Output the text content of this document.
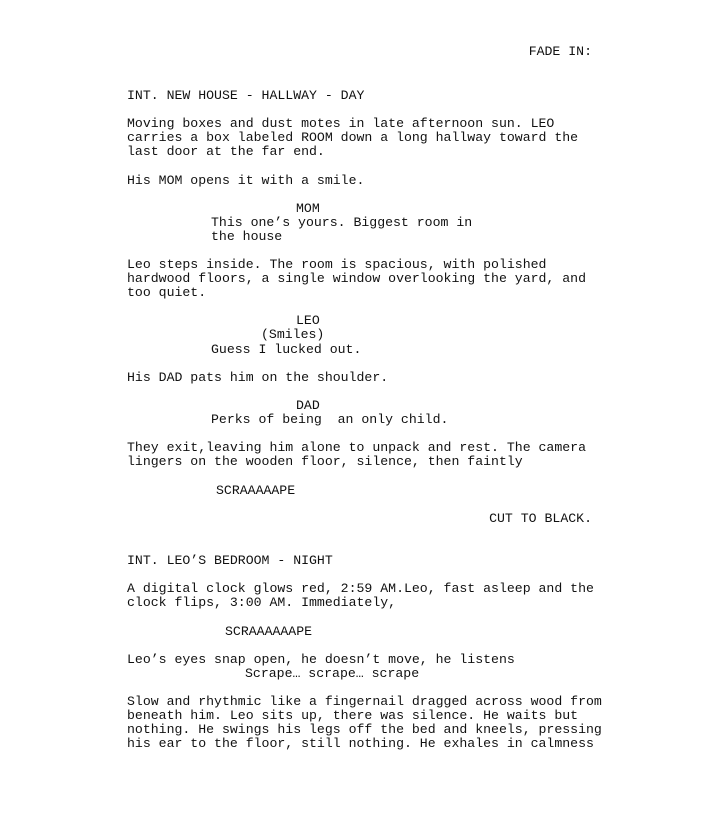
FADE IN:
INT. NEW HOUSE - HALLWAY - DAY
Moving boxes and dust motes in late afternoon sun. LEO
carries a box labeled ROOM down a long hallway toward the
last door at the far end.
His MOM opens it with a smile.
MOM
This one’s yours. Biggest room in
the house
Leo steps inside. The room is spacious, with polished
hardwood floors, a single window overlooking the yard, and
too quiet.
LEO
(Smiles)
Guess I lucked out.
His DAD pats him on the shoulder.
DAD
Perks of being  an only child.
They exit,leaving him alone to unpack and rest. The camera
lingers on the wooden floor, silence, then faintly
SCRAAAAAPE
CUT TO BLACK.
INT. LEO’S BEDROOM - NIGHT
A digital clock glows red, 2:59 AM.Leo, fast asleep and the
clock flips, 3:00 AM. Immediately,
SCRAAAAAAPE
Leo’s eyes snap open, he doesn’t move, he listens
Scrape… scrape… scrape
Slow and rhythmic like a fingernail dragged across wood from
beneath him. Leo sits up, there was silence. He waits but
nothing. He swings his legs off the bed and kneels, pressing
his ear to the floor, still nothing. He exhales in calmness
